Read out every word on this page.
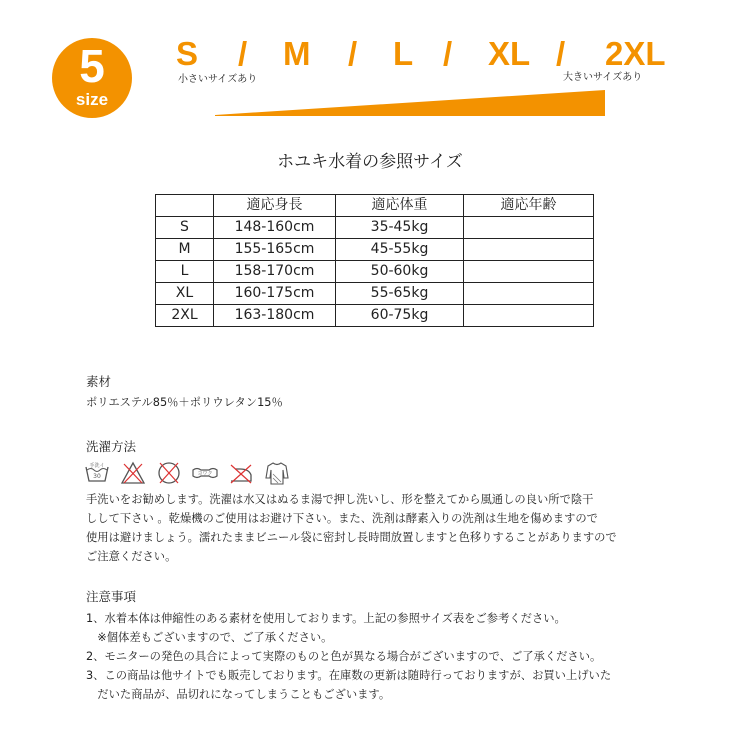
5
size
S / M / L / XL / 2XL
小さいサイズあり	大きいサイズあり
ホユキ水着の参照サイズ
	適応身長	適応体重	適応年齢
S	148-160cm	35-45kg	
M	155-165cm	45-55kg	
L	158-170cm	50-60kg	
XL	160-175cm	55-65kg	
2XL	163-180cm	60-75kg	
素材
ポリエステル85％＋ポリウレタン15％
洗濯方法
手洗イ
30	ヨワク
手洗いをお勧めします。洗濯は水又はぬるま湯で押し洗いし、形を整えてから風通しの良い所で陰干
しして下さい 。乾燥機のご使用はお避け下さい。また、洗剤は酵素入りの洗剤は生地を傷めますので
使用は避けましょう。濡れたままビニール袋に密封し長時間放置しますと色移りすることがありますので
ご注意ください。
注意事項
1、水着本体は伸縮性のある素材を使用しております。上記の参照サイズ表をご参考ください。
　※個体差もございますので、ご了承ください。
2、モニターの発色の具合によって実際のものと色が異なる場合がございますので、ご了承ください。
3、この商品は他サイトでも販売しております。在庫数の更新は随時行っておりますが、お買い上げいた
　だいた商品が、品切れになってしまうこともございます。
